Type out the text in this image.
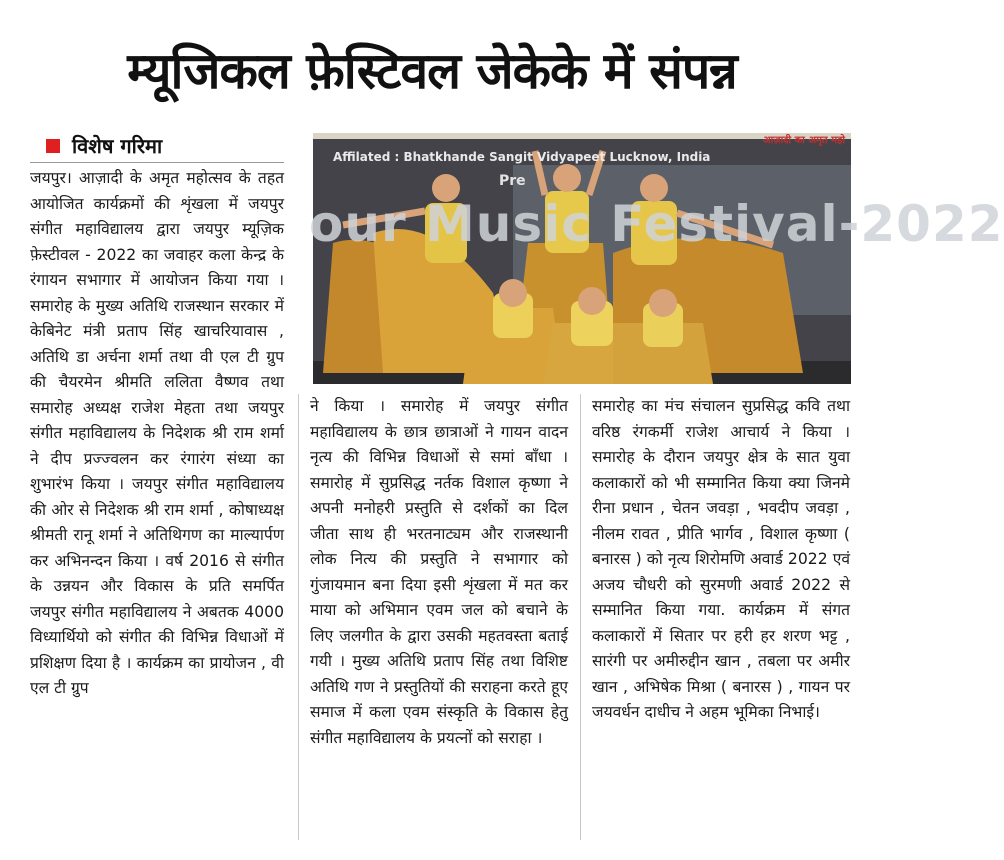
म्यूजिकल फ़ेस्टिवल जेकेके में संपन्न
विशेष गरिमा	Affilated : Bhatkhande Sangit Vidyapeet Lucknow, India
Pre
our Music Festival-2022
आज़ादी का अमृत महो
जयपुर। आज़ादी के अमृत महोत्सव के तहत आयोजित कार्यक्रमों की शृंखला में जयपुर संगीत महाविद्यालय द्वारा जयपुर म्यूज़िक फ़ेस्टीवल - 2022 का जवाहर कला केन्द्र के रंगायन सभागार में आयोजन किया गया । समारोह के मुख्य अतिथि राजस्थान सरकार में केबिनेट मंत्री प्रताप सिंह खाचरियावास , अतिथि डा अर्चना शर्मा तथा वी एल टी ग्रुप की चैयरमेन श्रीमति ललिता वैष्णव तथा समारोह अध्यक्ष राजेश मेहता तथा जयपुर संगीत महाविद्यालय के निदेशक श्री राम शर्मा ने दीप प्रज्ज्वलन कर रंगारंग संध्या का शुभारंभ किया । जयपुर संगीत महाविद्यालय की ओर से निदेशक श्री राम शर्मा , कोषाध्यक्ष श्रीमती रानू शर्मा ने अतिथिगण का माल्यार्पण कर अभिनन्दन किया । वर्ष 2016 से संगीत के उन्नयन और विकास के प्रति समर्पित जयपुर संगीत महाविद्यालय ने अबतक 4000 विध्यार्थियो को संगीत की विभिन्न विधाओं में प्रशिक्षण दिया है । कार्यक्रम का प्रायोजन , वी एल टी ग्रुप
ने किया । समारोह में जयपुर संगीत महाविद्यालय के छात्र छात्राओं ने गायन वादन नृत्य की विभिन्न विधाओं से समां बाँधा । समारोह में सुप्रसिद्ध नर्तक विशाल कृष्णा ने अपनी मनोहरी प्रस्तुति से दर्शकों का दिल जीता साथ ही भरतनाट्यम और राजस्थानी लोक नित्य की प्रस्तुति ने सभागार को गुंजायमान बना दिया इसी शृंखला में मत कर माया को अभिमान एवम जल को बचाने के लिए जलगीत के द्वारा उसकी महतवस्ता बताई गयी । मुख्य अतिथि प्रताप सिंह तथा विशिष्ट अतिथि गण ने प्रस्तुतियों की सराहना करते हूए समाज में कला एवम संस्कृति के विकास हेतु संगीत महाविद्यालय के प्रयत्नों को सराहा ।
समारोह का मंच संचालन सुप्रसिद्ध कवि तथा वरिष्ठ रंगकर्मी राजेश आचार्य ने किया । समारोह के दौरान जयपुर क्षेत्र के सात युवा कलाकारों को भी सम्मानित किया क्या जिनमे रीना प्रधान , चेतन जवड़ा , भवदीप जवड़ा , नीलम रावत , प्रीति भार्गव , विशाल कृष्णा ( बनारस ) को नृत्य शिरोमणि अवार्ड 2022 एवं अजय चौधरी को सुरमणी अवार्ड 2022 से सम्मानित किया गया. कार्यक्रम में संगत कलाकारों में सितार पर हरी हर शरण भट्ट , सारंगी पर अमीरुद्दीन खान , तबला पर अमीर खान , अभिषेक मिश्रा ( बनारस ) , गायन पर जयवर्धन दाधीच ने अहम भूमिका निभाई।
